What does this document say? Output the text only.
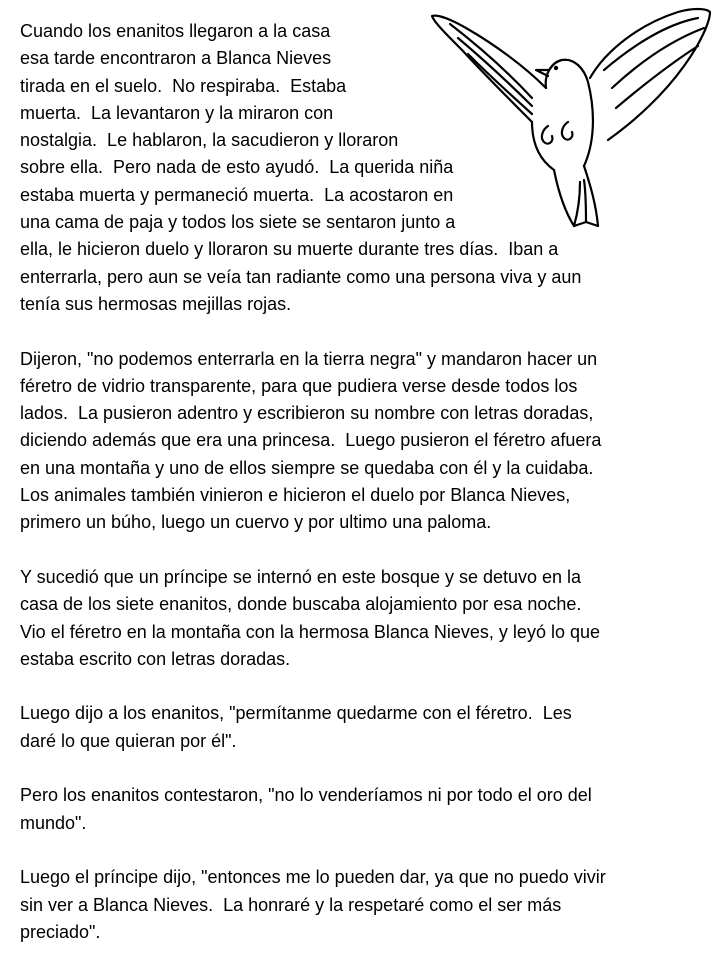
Cuando los enanitos llegaron a la casa
esa tarde encontraron a Blanca Nieves
tirada en el suelo.  No respiraba.  Estaba
muerta.  La levantaron y la miraron con
nostalgia.  Le hablaron, la sacudieron y lloraron
sobre ella.  Pero nada de esto ayudó.  La querida niña
estaba muerta y permaneció muerta.  La acostaron en
una cama de paja y todos los siete se sentaron junto a
ella, le hicieron duelo y lloraron su muerte durante tres días.  Iban a
enterrarla, pero aun se veía tan radiante como una persona viva y aun
tenía sus hermosas mejillas rojas.
Dijeron, "no podemos enterrarla en la tierra negra" y mandaron hacer un
féretro de vidrio transparente, para que pudiera verse desde todos los
lados.  La pusieron adentro y escribieron su nombre con letras doradas,
diciendo además que era una princesa.  Luego pusieron el féretro afuera
en una montaña y uno de ellos siempre se quedaba con él y la cuidaba.
Los animales también vinieron e hicieron el duelo por Blanca Nieves,
primero un búho, luego un cuervo y por ultimo una paloma.
Y sucedió que un príncipe se internó en este bosque y se detuvo en la
casa de los siete enanitos, donde buscaba alojamiento por esa noche.
Vio el féretro en la montaña con la hermosa Blanca Nieves, y leyó lo que
estaba escrito con letras doradas.
Luego dijo a los enanitos, "permítanme quedarme con el féretro.  Les
daré lo que quieran por él".
Pero los enanitos contestaron, "no lo venderíamos ni por todo el oro del
mundo".
Luego el príncipe dijo, "entonces me lo pueden dar, ya que no puedo vivir
sin ver a Blanca Nieves.  La honraré y la respetaré como el ser más
preciado".
